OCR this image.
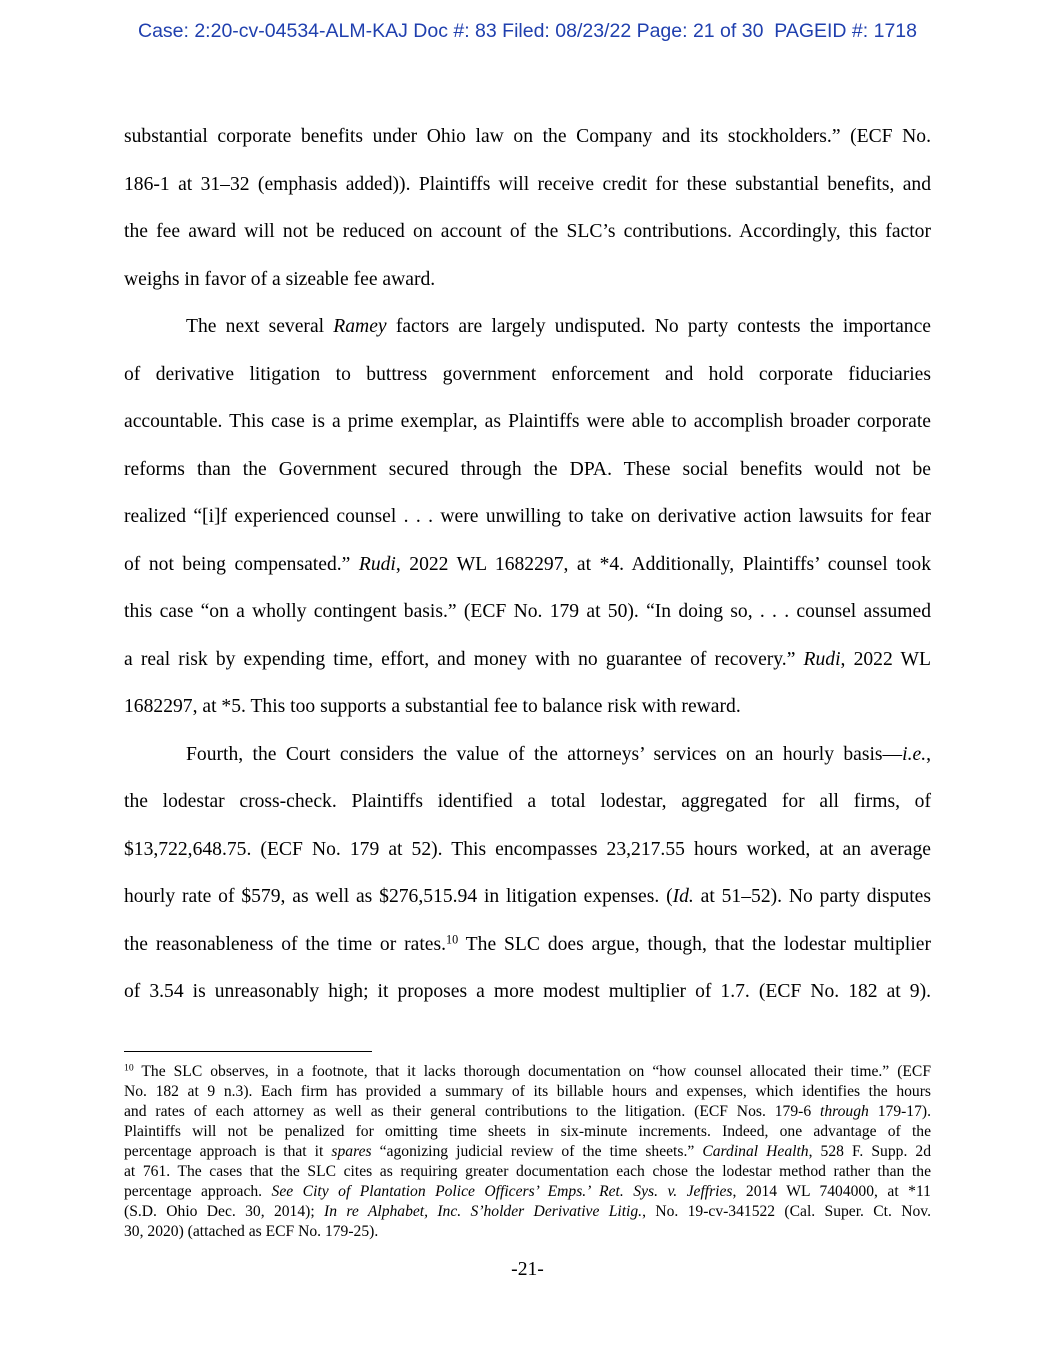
Case: 2:20-cv-04534-ALM-KAJ Doc #: 83 Filed: 08/23/22 Page: 21 of 30  PAGEID #: 1718
substantial corporate benefits under Ohio law on the Company and its stockholders.” (ECF No.
186-1 at 31–32 (emphasis added)). Plaintiffs will receive credit for these substantial benefits, and
the fee award will not be reduced on account of the SLC’s contributions. Accordingly, this factor
weighs in favor of a sizeable fee award.
The next several Ramey factors are largely undisputed. No party contests the importance
of derivative litigation to buttress government enforcement and hold corporate fiduciaries
accountable. This case is a prime exemplar, as Plaintiffs were able to accomplish broader corporate
reforms than the Government secured through the DPA. These social benefits would not be
realized “[i]f experienced counsel . . . were unwilling to take on derivative action lawsuits for fear
of not being compensated.” Rudi, 2022 WL 1682297, at *4. Additionally, Plaintiffs’ counsel took
this case “on a wholly contingent basis.” (ECF No. 179 at 50). “In doing so, . . . counsel assumed
a real risk by expending time, effort, and money with no guarantee of recovery.” Rudi, 2022 WL
1682297, at *5. This too supports a substantial fee to balance risk with reward.
Fourth, the Court considers the value of the attorneys’ services on an hourly basis—i.e.,
the lodestar cross-check. Plaintiffs identified a total lodestar, aggregated for all firms, of
$13,722,648.75. (ECF No. 179 at 52). This encompasses 23,217.55 hours worked, at an average
hourly rate of $579, as well as $276,515.94 in litigation expenses. (Id. at 51–52). No party disputes
the reasonableness of the time or rates.$^{10}$ The SLC does argue, though, that the lodestar multiplier
of 3.54 is unreasonably high; it proposes a more modest multiplier of 1.7. (ECF No. 182 at 9).
$^{10}$ The SLC observes, in a footnote, that it lacks thorough documentation on “how counsel allocated their time.” (ECF
No. 182 at 9 n.3). Each firm has provided a summary of its billable hours and expenses, which identifies the hours
and rates of each attorney as well as their general contributions to the litigation. (ECF Nos. 179-6 through 179-17).
Plaintiffs will not be penalized for omitting time sheets in six-minute increments. Indeed, one advantage of the
percentage approach is that it spares “agonizing judicial review of the time sheets.” Cardinal Health, 528 F. Supp. 2d
at 761. The cases that the SLC cites as requiring greater documentation each chose the lodestar method rather than the
percentage approach. See City of Plantation Police Officers’ Emps.’ Ret. Sys. v. Jeffries, 2014 WL 7404000, at *11
(S.D. Ohio Dec. 30, 2014); In re Alphabet, Inc. S’holder Derivative Litig., No. 19-cv-341522 (Cal. Super. Ct. Nov.
30, 2020) (attached as ECF No. 179-25).
-21-
